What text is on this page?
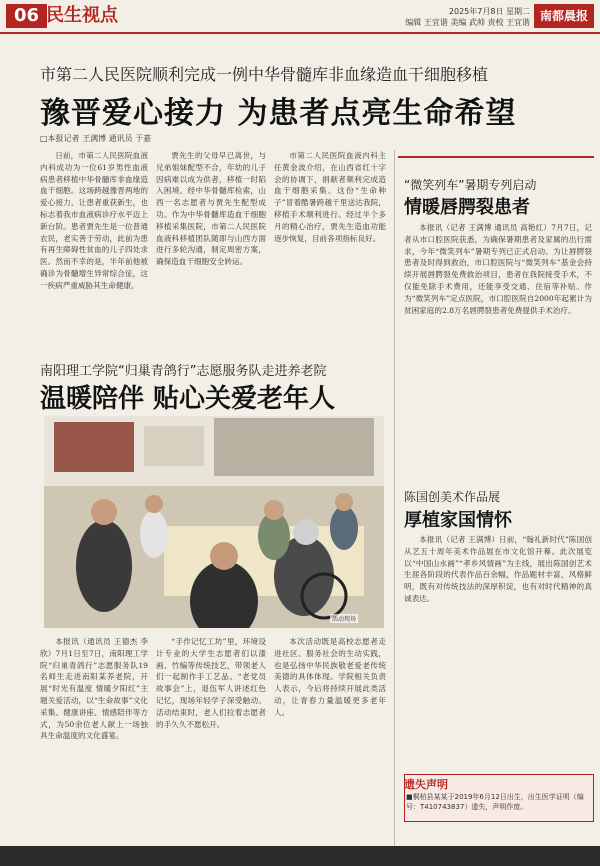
06 民生视点	2025年7月8日 星期二
编辑 王宜谐 美编 武帅 责校 王宜谐 南都晨报
市第二人民医院顺利完成一例中华骨髓库非血缘造血干细胞移植
豫晋爱心接力 为患者点亮生命希望
□本报记者 王满博 通讯员 于嘉

日前，市第二人民医院血液内科成功为一位61岁男性血液病患者移植中华骨髓库非血缘造血干细胞。这场跨越豫晋两地的爱心接力，让患者重获新生，也标志着我市血液病诊疗水平迈上新台阶。患者贾先生是一位普通农民，老实善于劳动，此前为患有再生障碍性贫血的儿子四处求医。然而不幸的是，半年前他被确诊为骨髓增生异常综合征，这一疾病严重威胁其生命健康。

贾先生的父母早已离世，与兄弟姐妹配型不合，年幼的儿子因病难以成为供者，移植一时陷入困境。经中华骨髓库检索，山西一名志愿者与贾先生配型成功。作为中华骨髓库造血干细胞移植采集医院，市第二人民医院血液科移植团队随即与山西方面进行多轮沟通，制定周密方案，确保造血干细胞安全转运。

市第二人民医院血液内科主任黄金波介绍，在山西省红十字会的协调下，捐献者顺利完成造血干细胞采集。这份“生命种子”冒着酷暑跨越千里送达我院，移植手术顺利进行。经过半个多月的精心治疗，贾先生造血功能逐步恢复，目前各项指标良好。

“微笑列车”暑期专列启动
情暖唇腭裂患者

本报讯（记者 王满博 通讯员 高艳红）7月7日，记者从市口腔医院获悉，为确保暑期患者及家属的出行需求，今年“微笑列车”暑期专列已正式启动。为让唇腭裂患者及时得到救治，市口腔医院与“微笑列车”基金会持续开展唇腭裂免费救治项目，患者在我院接受手术，不仅能免除手术费用，还能享受交通、住宿等补贴。作为“微笑列车”定点医院，市口腔医院自2000年起累计为贫困家庭的2.8万名唇腭裂患者免费提供手术治疗。

陈国创美术作品展
厚植家国情怀

本报讯（记者 王满博）日前，“翰礼新时代”陈国创从艺五十周年美术作品展在市文化馆开幕。此次展览以“中国山水画”“孝乡风情画”为主线，展出陈国创艺术生涯各阶段的代表作品百余幅，作品题材丰富，风格鲜明，既有对传统技法的深厚积淀，也有对时代精神的真诚表达。

遗失声明
■桐柏县某某于2019年6月12日出生，出生医学证明（编号：T410743837）遗失，声明作废。
南阳理工学院“归巢青鸽行”志愿服务队走进养老院
温暖陪伴 贴心关爱老年人
活动现场

本报讯（通讯员 王德杰 李欣）7月1日至7日，南阳理工学院“归巢青鸽行”志愿服务队19名师生走进南阳某养老院，开展“时光有温度 情暖夕阳红”主题关爱活动，以“生命故事”文化采集、健康讲座、情感陪伴等方式，为50余位老人献上一场独具生命温度的文化盛宴。

“手作记忆工坊”里，环境设计专业的大学生志愿者们以漆画、竹编等传统技艺，带领老人们一起制作手工艺品。“老党员故事会”上，退伍军人讲述红色记忆，现场年轻学子深受触动。活动结束时，老人们拉着志愿者的手久久不愿松开。

本次活动既是高校志愿者走进社区、服务社会的生动实践，也是弘扬中华民族敬老爱老传统美德的具体体现。学院相关负责人表示，今后将持续开展此类活动，让青春力量温暖更多老年人。
